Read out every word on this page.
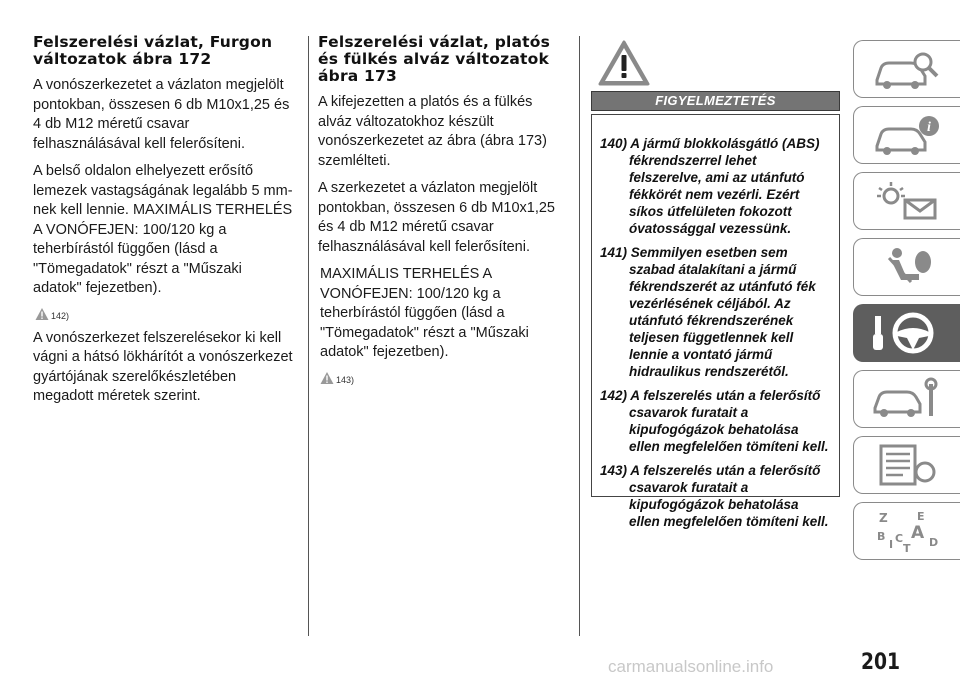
Felszerelési vázlat, Furgon változatok ábra 172

A vonószerkezetet a vázlaton megjelölt pontokban, összesen 6 db M10x1,25 és 4 db M12 méretű csavar felhasználásával kell felerősíteni.

A belső oldalon elhelyezett erősítő lemezek vastagságának legalább 5 mm-nek kell lennie. MAXIMÁLIS TERHELÉS A VONÓFEJEN: 100/120 kg a teherbírástól függően (lásd a "Tömegadatok" részt a "Műszaki adatok" fejezetben).

142)

A vonószerkezet felszerelésekor ki kell vágni a hátsó lökhárítót a vonószerkezet gyártójának szerelőkészletében megadott méretek szerint.

Felszerelési vázlat, platós és fülkés alváz változatok ábra 173

A kifejezetten a platós és a fülkés alváz változatokhoz készült vonószerkezetet az ábra (ábra 173) szemlélteti.

A szerkezetet a vázlaton megjelölt pontokban, összesen 6 db M10x1,25 és 4 db M12 méretű csavar felhasználásával kell felerősíteni.

MAXIMÁLIS TERHELÉS A VONÓFEJEN: 100/120 kg a teherbírástól függően (lásd a "Tömegadatok" részt a "Műszaki adatok" fejezetben).

143)
FIGYELMEZTETÉS

140) A jármű blokkolásgátló (ABS) fékrendszerrel lehet felszerelve, ami az utánfutó fékkörét nem vezérli. Ezért síkos útfelületen fokozott óvatossággal vezessünk.

141) Semmilyen esetben sem szabad átalakítani a jármű fékrendszerét az utánfutó fék vezérlésének céljából. Az utánfutó fékrendszerének teljesen függetlennek kell lennie a vontató jármű hidraulikus rendszerétől.

142) A felszerelés után a felerősítő csavarok furatait a kipufogógázok behatolása ellen megfelelően tömíteni kell.

143) A felszerelés után a felerősítő csavarok furatait a kipufogógázok behatolása ellen megfelelően tömíteni kell.

i
Z	E
B A
I C
T D
201
carmanualsonline.info
